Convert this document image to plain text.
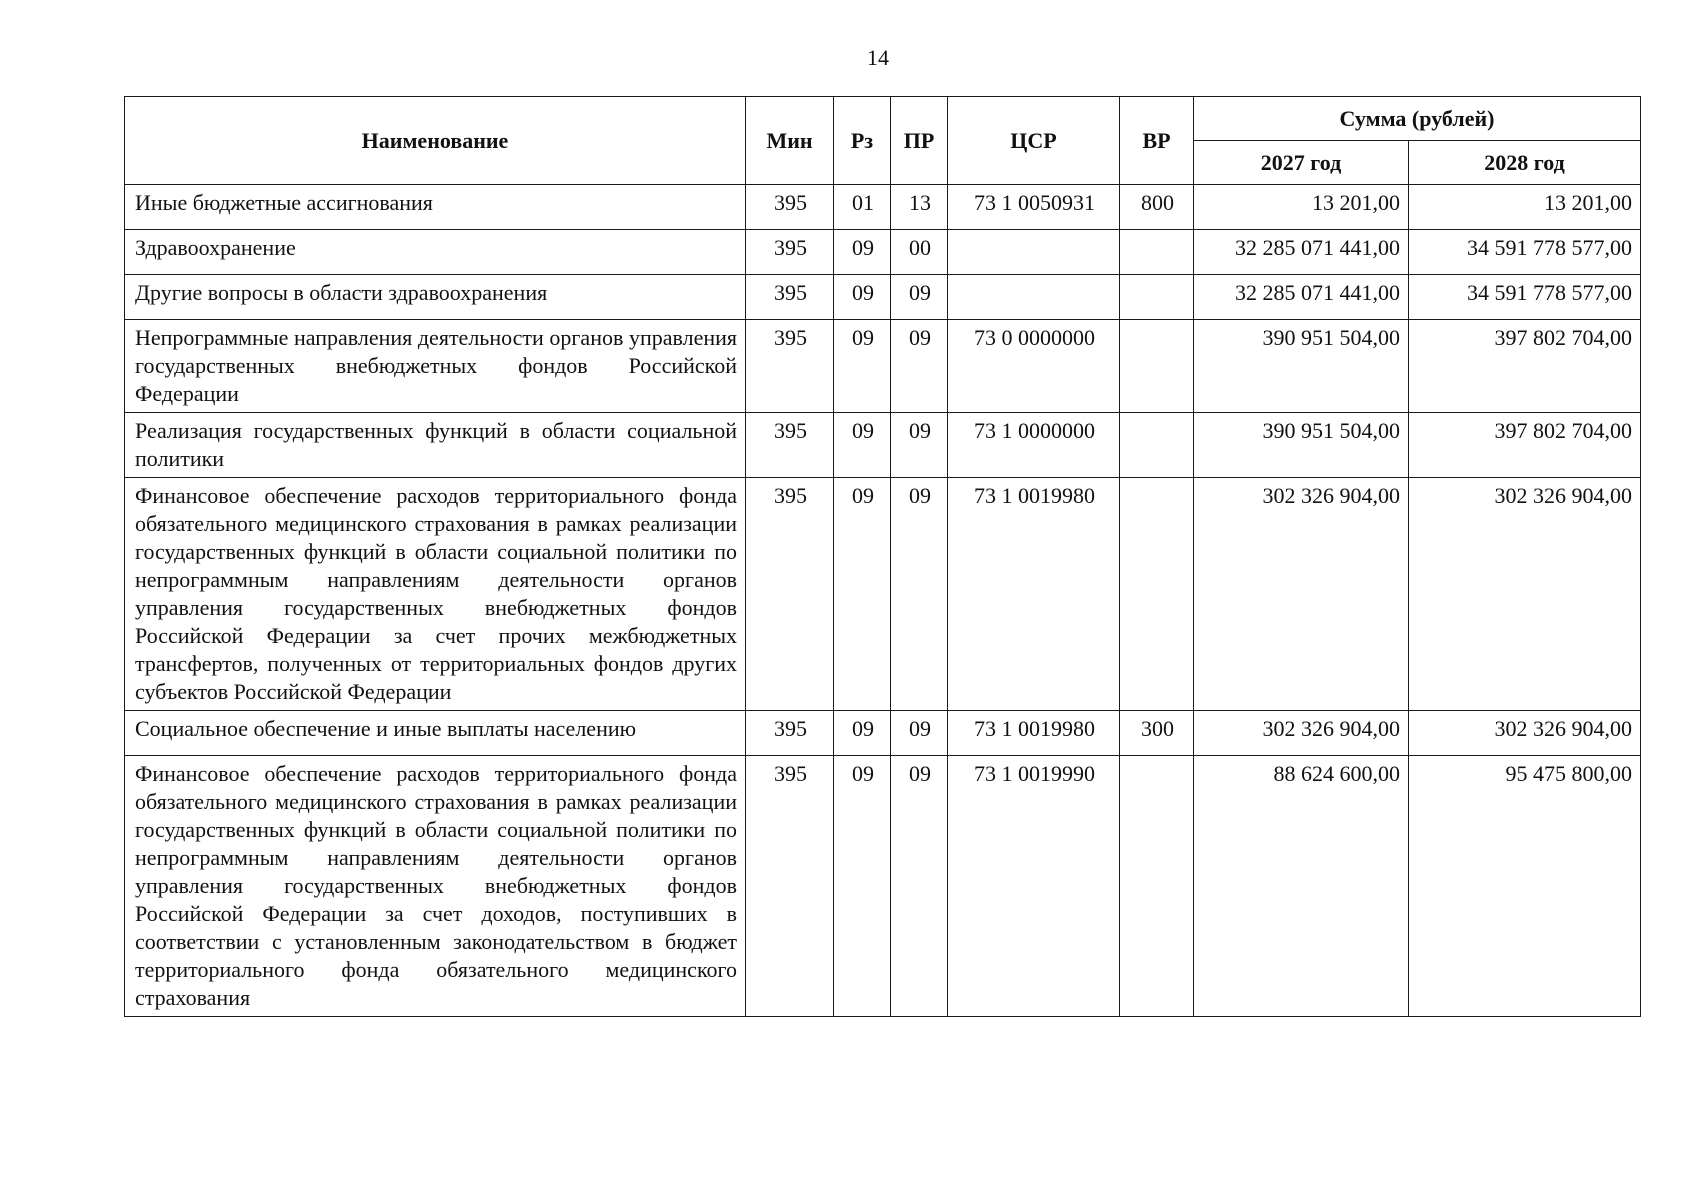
14
Наименование	Мин	Рз	ПР	ЦСР	ВР	Сумма (рублей)	
						2027 год	2028 год
Иные бюджетные ассигнования	395	01	13	73 1 0050931	800	13 201,00	13 201,00
Здравоохранение	395	09	00			32 285 071 441,00	34 591 778 577,00
Другие вопросы в области здравоохранения	395	09	09			32 285 071 441,00	34 591 778 577,00
Непрограммные направления деятельности органов управления государственных внебюджетных фондов Российской Федерации	395	09	09	73 0 0000000		390 951 504,00	397 802 704,00
Реализация государственных функций в области социальной политики	395	09	09	73 1 0000000		390 951 504,00	397 802 704,00
Финансовое обеспечение расходов территориального фонда обязательного медицинского страхования в рамках реализации государственных функций в области социальной политики по непрограммным направлениям деятельности органов управления государственных внебюджетных фондов Российской Федерации за счет прочих межбюджетных трансфертов, полученных от территориальных фондов других субъектов Российской Федерации	395	09	09	73 1 0019980		302 326 904,00	302 326 904,00
Социальное обеспечение и иные выплаты населению	395	09	09	73 1 0019980	300	302 326 904,00	302 326 904,00
Финансовое обеспечение расходов территориального фонда обязательного медицинского страхования в рамках реализации государственных функций в области социальной политики по непрограммным направлениям деятельности органов управления государственных внебюджетных фондов Российской Федерации за счет доходов, поступивших в соответствии с установленным законодательством в бюджет территориального фонда обязательного медицинского страхования	395	09	09	73 1 0019990		88 624 600,00	95 475 800,00
